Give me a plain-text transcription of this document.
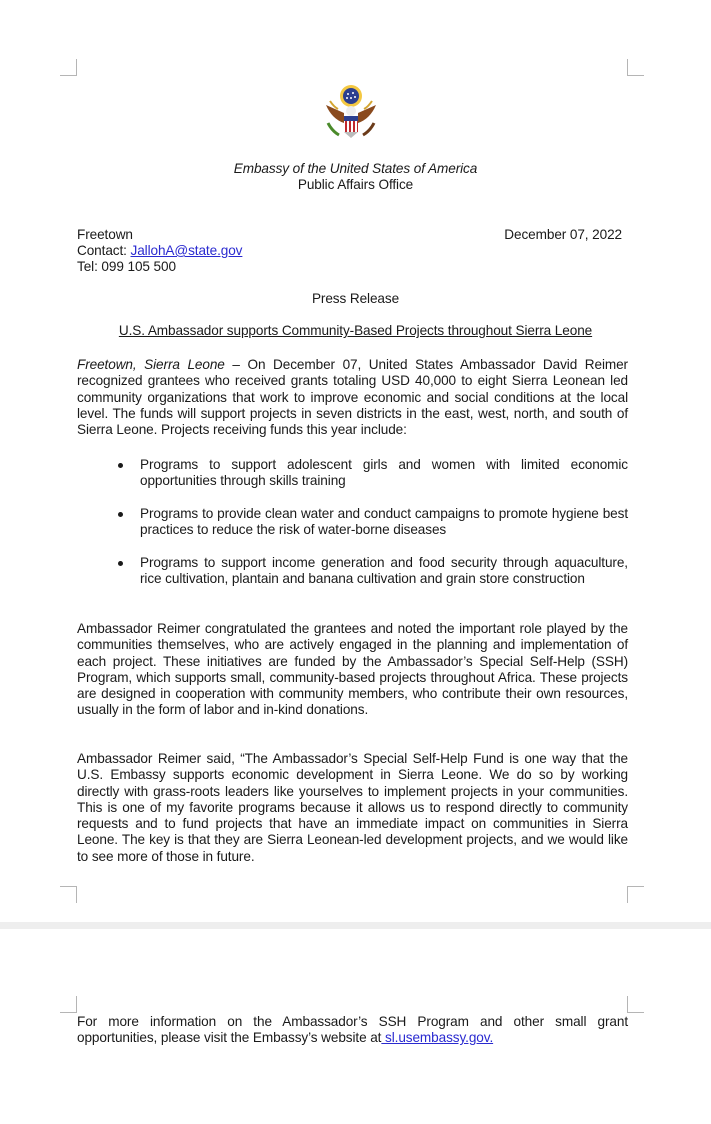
Embassy of the United States of America
Public Affairs Office
Freetown	December 07, 2022
Contact: JallohA@state.gov
Tel: 099 105 500
Press Release
U.S. Ambassador supports Community-Based Projects throughout Sierra Leone
Freetown, Sierra Leone – On December 07, United States Ambassador David Reimer recognized grantees who received grants totaling USD 40,000 to eight Sierra Leonean led community organizations that work to improve economic and social conditions at the local level. The funds will support projects in seven districts in the east, west, north, and south of Sierra Leone. Projects receiving funds this year include:
Programs to support adolescent girls and women with limited economic opportunities through skills training
Programs to provide clean water and conduct campaigns to promote hygiene best practices to reduce the risk of water-borne diseases
Programs to support income generation and food security through aquaculture, rice cultivation, plantain and banana cultivation and grain store construction
Ambassador Reimer congratulated the grantees and noted the important role played by the communities themselves, who are actively engaged in the planning and implementation of each project. These initiatives are funded by the Ambassador’s Special Self-Help (SSH) Program, which supports small, community-based projects throughout Africa. These projects are designed in cooperation with community members, who contribute their own resources, usually in the form of labor and in-kind donations.
Ambassador Reimer said, “The Ambassador’s Special Self-Help Fund is one way that the U.S. Embassy supports economic development in Sierra Leone. We do so by working directly with grass-roots leaders like yourselves to implement projects in your communities. This is one of my favorite programs because it allows us to respond directly to community requests and to fund projects that have an immediate impact on communities in Sierra Leone. The key is that they are Sierra Leonean-led development projects, and we would like to see more of those in future.
For more information on the Ambassador’s SSH Program and other small grant opportunities, please visit the Embassy’s website at sl.usembassy.gov.
